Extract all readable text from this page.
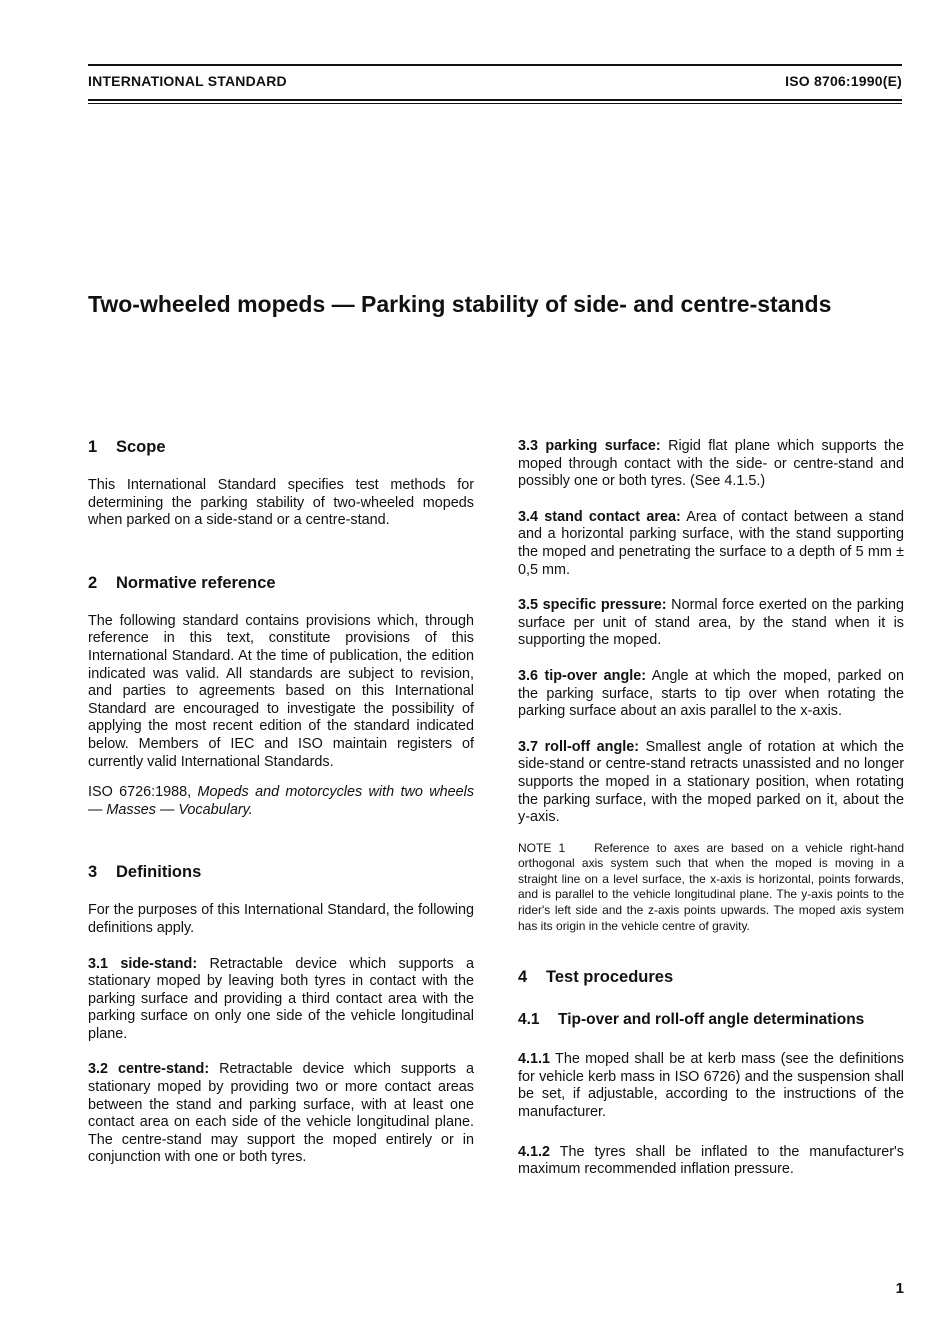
INTERNATIONAL STANDARD	ISO 8706:1990(E)
Two-wheeled mopeds — Parking stability of side- and centre-stands
1 Scope

This International Standard specifies test methods for determining the parking stability of two-wheeled mopeds when parked on a side-stand or a centre-stand.

2 Normative reference

The following standard contains provisions which, through reference in this text, constitute provisions of this International Standard. At the time of publication, the edition indicated was valid. All standards are subject to revision, and parties to agreements based on this International Standard are encouraged to investigate the possibility of applying the most recent edition of the standard indicated below. Members of IEC and ISO maintain registers of currently valid International Standards.

ISO 6726:1988, Mopeds and motorcycles with two wheels — Masses — Vocabulary.

3 Definitions

For the purposes of this International Standard, the following definitions apply.

3.1 side-stand: Retractable device which supports a stationary moped by leaving both tyres in contact with the parking surface and providing a third contact area with the parking surface on only one side of the vehicle longitudinal plane.

3.2 centre-stand: Retractable device which supports a stationary moped by providing two or more contact areas between the stand and parking surface, with at least one contact area on each side of the vehicle longitudinal plane. The centre-stand may support the moped entirely or in conjunction with one or both tyres.

3.3 parking surface: Rigid flat plane which supports the moped through contact with the side- or centre-stand and possibly one or both tyres. (See 4.1.5.)

3.4 stand contact area: Area of contact between a stand and a horizontal parking surface, with the stand supporting the moped and penetrating the surface to a depth of 5 mm ± 0,5 mm.

3.5 specific pressure: Normal force exerted on the parking surface per unit of stand area, by the stand when it is supporting the moped.

3.6 tip-over angle: Angle at which the moped, parked on the parking surface, starts to tip over when rotating the parking surface about an axis parallel to the x-axis.

3.7 roll-off angle: Smallest angle of rotation at which the side-stand or centre-stand retracts unassisted and no longer supports the moped in a stationary position, when rotating the parking surface, with the moped parked on it, about the y-axis.

NOTE 1 Reference to axes are based on a vehicle right-hand orthogonal axis system such that when the moped is moving in a straight line on a level surface, the x-axis is horizontal, points forwards, and is parallel to the vehicle longitudinal plane. The y-axis points to the rider's left side and the z-axis points upwards. The moped axis system has its origin in the vehicle centre of gravity.

4 Test procedures
4.1 Tip-over and roll-off angle determinations

4.1.1 The moped shall be at kerb mass (see the definitions for vehicle kerb mass in ISO 6726) and the suspension shall be set, if adjustable, according to the instructions of the manufacturer.

4.1.2 The tyres shall be inflated to the manufacturer's maximum recommended inflation pressure.

1
